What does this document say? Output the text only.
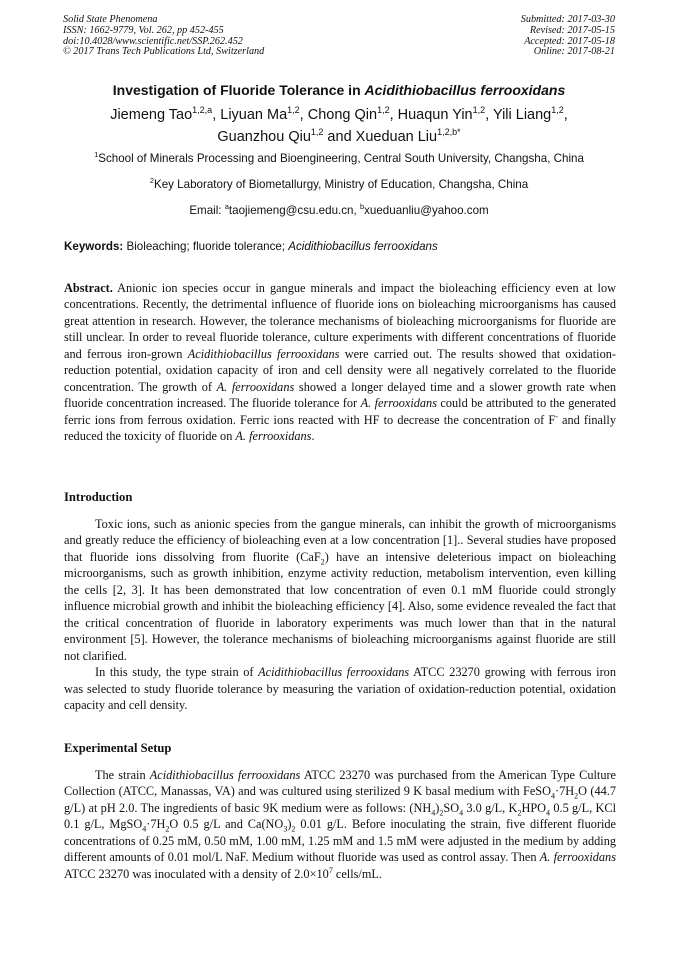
Solid State Phenomena
ISSN: 1662-9779, Vol. 262, pp 452-455
doi:10.4028/www.scientific.net/SSP.262.452
© 2017 Trans Tech Publications Ltd, Switzerland
Submitted: 2017-03-30
Revised: 2017-05-15
Accepted: 2017-05-18
Online: 2017-08-21
Investigation of Fluoride Tolerance in Acidithiobacillus ferrooxidans
Jiemeng Tao$^{1,2,a}$, Liyuan Ma$^{1,2}$, Chong Qin$^{1,2}$, Huaqun Yin$^{1,2}$, Yili Liang$^{1,2}$,
Guanzhou Qiu$^{1,2}$ and Xueduan Liu$^{1,2,b*}$
$^1$School of Minerals Processing and Bioengineering, Central South University, Changsha, China
$^2$Key Laboratory of Biometallurgy, Ministry of Education, Changsha, China
Email: $^a$taojiemeng@csu.edu.cn, $^b$xueduanliu@yahoo.com
Keywords: Bioleaching; fluoride tolerance; Acidithiobacillus ferrooxidans

Abstract. Anionic ion species occur in gangue minerals and impact the bioleaching efficiency even at low concentrations. Recently, the detrimental influence of fluoride ions on bioleaching microorganisms has caused great attention in research. However, the tolerance mechanisms of bioleaching microorganisms for fluoride are still unclear. In order to reveal fluoride tolerance, culture experiments with different concentrations of fluoride and ferrous iron-grown Acidithiobacillus ferrooxidans were carried out. The results showed that oxidation-reduction potential, oxidation capacity of iron and cell density were all negatively correlated to the fluoride concentration. The growth of A. ferrooxidans showed a longer delayed time and a slower growth rate when fluoride concentration increased. The fluoride tolerance for A. ferrooxidans could be attributed to the generated ferric ions from ferrous oxidation. Ferric ions reacted with HF to decrease the concentration of F- and finally reduced the toxicity of fluoride on A. ferrooxidans.

Introduction

Toxic ions, such as anionic species from the gangue minerals, can inhibit the growth of microorganisms and greatly reduce the efficiency of bioleaching even at a low concentration [1].. Several studies have proposed that fluoride ions dissolving from fluorite (CaF$_2$) have an intensive deleterious impact on bioleaching microorganisms, such as growth inhibition, enzyme activity reduction, metabolism intervention, even killing the cells [2, 3]. It has been demonstrated that low concentration of even 0.1 mM fluoride could strongly influence microbial growth and inhibit the bioleaching efficiency [4]. Also, some evidence revealed the fact that the critical concentration of fluoride in laboratory experiments was much lower than that in the natural environment [5]. However, the tolerance mechanisms of bioleaching microorganisms against fluoride are still not clarified.

In this study, the type strain of Acidithiobacillus ferrooxidans ATCC 23270 growing with ferrous iron was selected to study fluoride tolerance by measuring the variation of oxidation-reduction potential, oxidation capacity and cell density.

Experimental Setup

The strain Acidithiobacillus ferrooxidans ATCC 23270 was purchased from the American Type Culture Collection (ATCC, Manassas, VA) and was cultured using sterilized 9 K basal medium with $FeSO_4\cdot 7H_2O$ (44.7 g/L) at pH 2.0. The ingredients of basic 9K medium were as follows: $(NH_4)_2SO_4$ 3.0 g/L, $K_2HPO_4$ 0.5 g/L, KCl 0.1 g/L, $MgSO_4\cdot 7H_2O$ 0.5 g/L and $Ca(NO_3)_2$ 0.01 g/L. Before inoculating the strain, five different fluoride concentrations of 0.25 mM, 0.50 mM, 1.00 mM, 1.25 mM and 1.5 mM were adjusted in the medium by adding different amounts of 0.01 mol/L NaF. Medium without fluoride was used as control assay. Then A. ferrooxidans ATCC 23270 was inoculated with a density of $2.0\times 10^7$ cells/mL.
